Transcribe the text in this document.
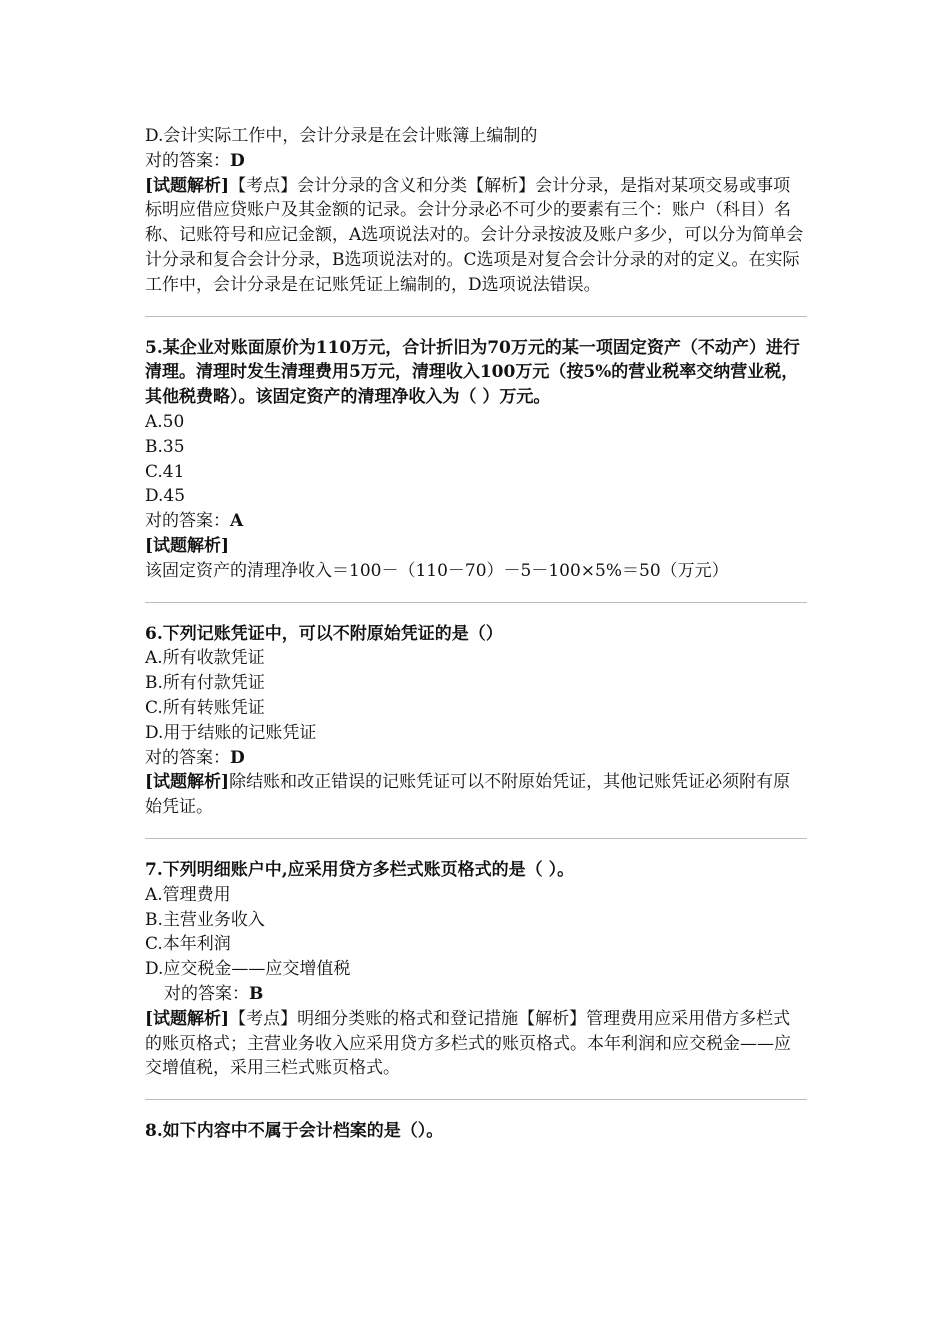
D.会计实际工作中，会计分录是在会计账簿上编制的
对的答案：D
[试题解析]【考点】会计分录的含义和分类【解析】会计分录，是指对某项交易或事项标明应借应贷账户及其金额的记录。会计分录必不可少的要素有三个：账户（科目）名称、记账符号和应记金额，A选项说法对的。会计分录按波及账户多少，可以分为简单会计分录和复合会计分录，B选项说法对的。C选项是对复合会计分录的对的定义。在实际工作中，会计分录是在记账凭证上编制的，D选项说法错误。
5.某企业对账面原价为110万元，合计折旧为70万元的某一项固定资产（不动产）进行清理。清理时发生清理费用5万元，清理收入100万元（按5%的营业税率交纳营业税，其他税费略）。该固定资产的清理净收入为（ ）万元。
A.50
B.35
C.41
D.45
对的答案：A
[试题解析]该固定资产的清理净收入＝100－（110－70）－5－100×5%＝50（万元）
6.下列记账凭证中，可以不附原始凭证的是（）
A.所有收款凭证
B.所有付款凭证
C.所有转账凭证
D.用于结账的记账凭证
对的答案：D
[试题解析]除结账和改正错误的记账凭证可以不附原始凭证，其他记账凭证必须附有原始凭证。
7.下列明细账户中,应采用贷方多栏式账页格式的是（ ）。
A.管理费用
B.主营业务收入
C.本年利润
D.应交税金——应交增值税
对的答案：B
[试题解析]【考点】明细分类账的格式和登记措施【解析】管理费用应采用借方多栏式的账页格式；主营业务收入应采用贷方多栏式的账页格式。本年利润和应交税金——应交增值税，采用三栏式账页格式。
8.如下内容中不属于会计档案的是（）。
